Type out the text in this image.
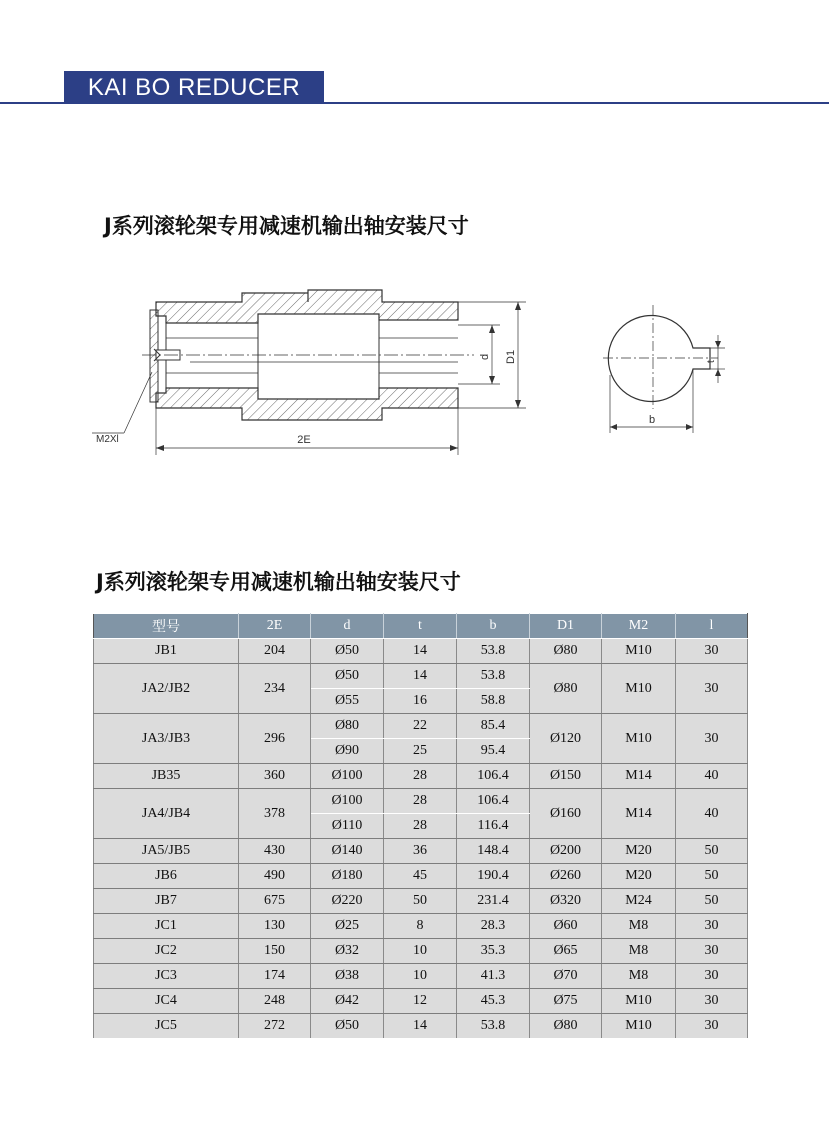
KAI BO REDUCER
J系列滚轮架专用减速机输出轴安装尺寸
2E
d D1
M2Xl
t
b
J系列滚轮架专用减速机输出轴安装尺寸
型号	2E	d	t	b	D1	M2	l
JB1	204	Ø50	14	53.8	Ø80	M10	30
JA2/JB2	234	Ø50	14	53.8	Ø80	M10	30
		Ø55	16	58.8			
JA3/JB3	296	Ø80	22	85.4	Ø120	M10	30
		Ø90	25	95.4			
JB35	360	Ø100	28	106.4	Ø150	M14	40
JA4/JB4	378	Ø100	28	106.4	Ø160	M14	40
		Ø110	28	116.4			
JA5/JB5	430	Ø140	36	148.4	Ø200	M20	50
JB6	490	Ø180	45	190.4	Ø260	M20	50
JB7	675	Ø220	50	231.4	Ø320	M24	50
JC1	130	Ø25	8	28.3	Ø60	M8	30
JC2	150	Ø32	10	35.3	Ø65	M8	30
JC3	174	Ø38	10	41.3	Ø70	M8	30
JC4	248	Ø42	12	45.3	Ø75	M10	30
JC5	272	Ø50	14	53.8	Ø80	M10	30
